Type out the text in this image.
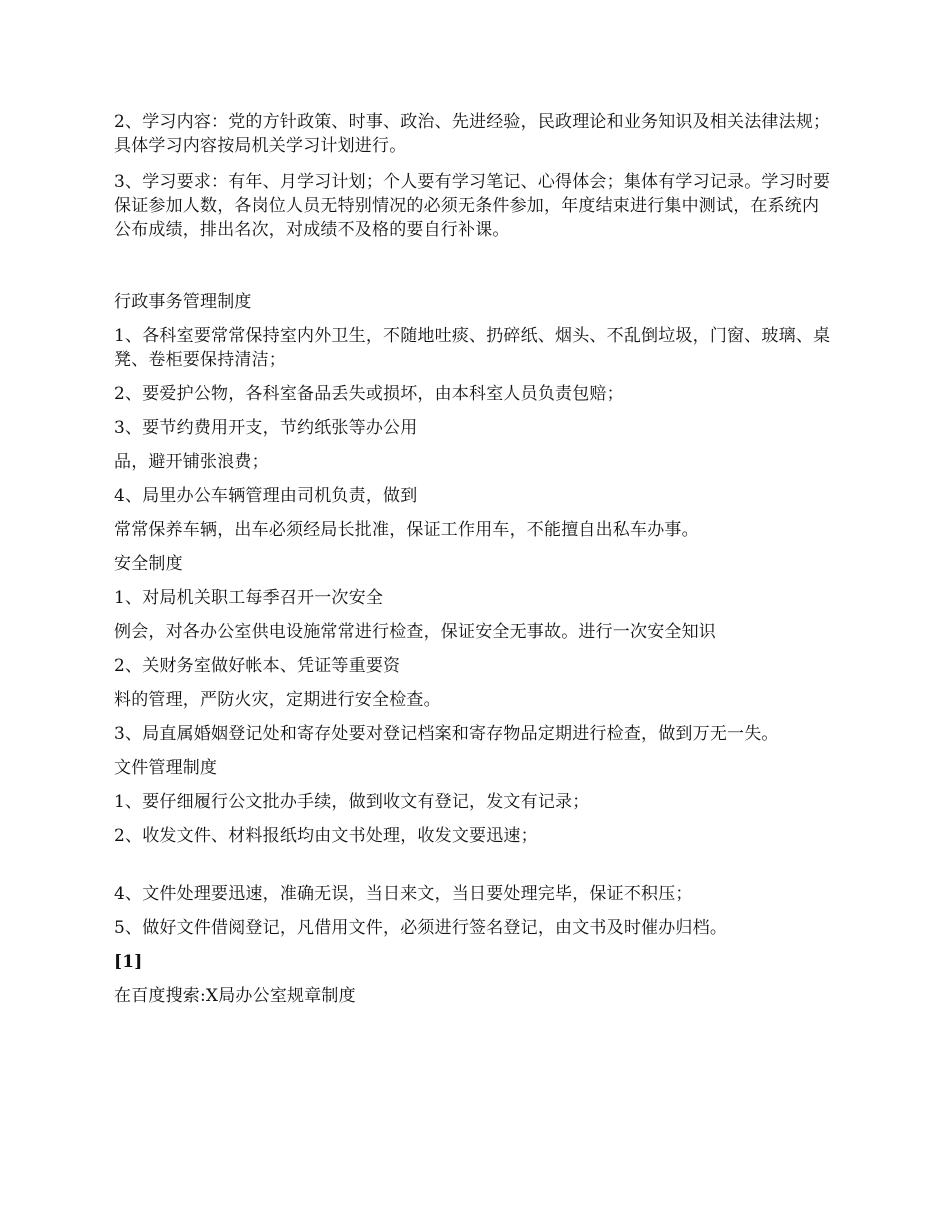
2、学习内容：党的方针政策、时事、政治、先进经验，民政理论和业务知识及相关法律法规；具体学习内容按局机关学习计划进行。

3、学习要求：有年、月学习计划；个人要有学习笔记、心得体会；集体有学习记录。学习时要保证参加人数，各岗位人员无特别情况的必须无条件参加，年度结束进行集中测试，在系统内公布成绩，排出名次，对成绩不及格的要自行补课。

行政事务管理制度

1、各科室要常常保持室内外卫生，不随地吐痰、扔碎纸、烟头、不乱倒垃圾，门窗、玻璃、桌凳、卷柜要保持清洁；

2、要爱护公物，各科室备品丢失或损坏，由本科室人员负责包赔；

3、要节约费用开支，节约纸张等办公用

品，避开铺张浪费；

4、局里办公车辆管理由司机负责，做到

常常保养车辆，出车必须经局长批准，保证工作用车，不能擅自出私车办事。

安全制度

1、对局机关职工每季召开一次安全

例会，对各办公室供电设施常常进行检查，保证安全无事故。进行一次安全知识

2、关财务室做好帐本、凭证等重要资

料的管理，严防火灾，定期进行安全检查。

3、局直属婚姻登记处和寄存处要对登记档案和寄存物品定期进行检查，做到万无一失。

文件管理制度

1、要仔细履行公文批办手续，做到收文有登记，发文有记录；

2、收发文件、材料报纸均由文书处理，收发文要迅速；

4、文件处理要迅速，准确无误，当日来文，当日要处理完毕，保证不积压；

5、做好文件借阅登记，凡借用文件，必须进行签名登记，由文书及时催办归档。

[1]

在百度搜索:X局办公室规章制度
